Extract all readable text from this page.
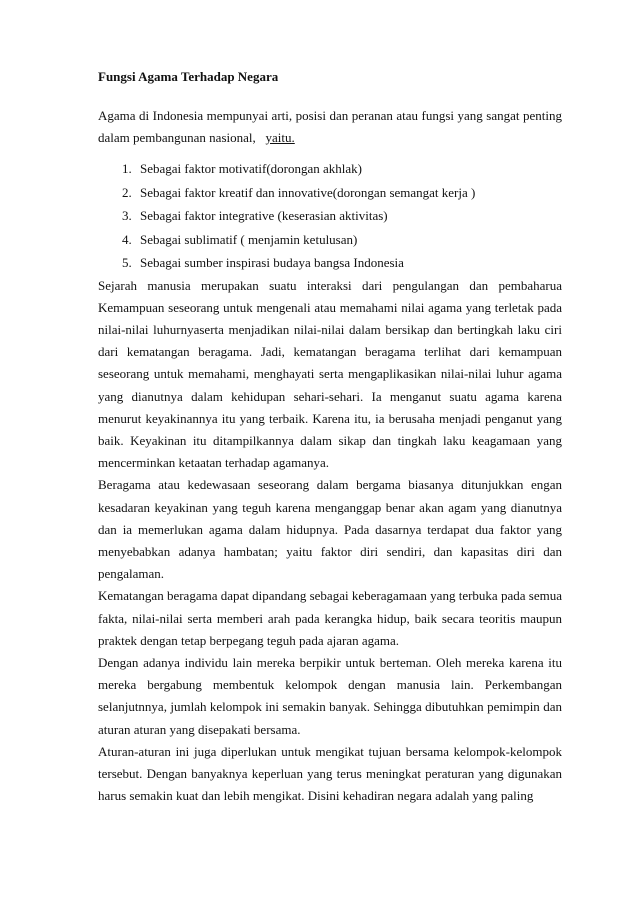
Fungsi Agama Terhadap Negara

Agama di Indonesia mempunyai arti, posisi dan peranan atau fungsi yang sangat penting dalam pembangunan nasional, yaitu.

1. Sebagai faktor motivatif(dorongan akhlak)
2. Sebagai faktor kreatif dan innovative(dorongan semangat kerja )
3. Sebagai faktor integrative (keserasian aktivitas)
4. Sebagai sublimatif ( menjamin ketulusan)
5. Sebagai sumber inspirasi budaya bangsa Indonesia

Sejarah manusia merupakan suatu interaksi dari pengulangan dan pembaharua Kemampuan seseorang untuk mengenali atau memahami nilai agama yang terletak pada nilai-nilai luhurnyaserta menjadikan nilai-nilai dalam bersikap dan bertingkah laku ciri dari kematangan beragama. Jadi, kematangan beragama terlihat dari kemampuan seseorang untuk memahami, menghayati serta mengaplikasikan nilai-nilai luhur agama yang dianutnya dalam kehidupan sehari-sehari. Ia menganut suatu agama karena menurut keyakinannya itu yang terbaik. Karena itu, ia berusaha menjadi penganut yang baik. Keyakinan itu ditampilkannya dalam sikap dan tingkah laku keagamaan yang mencerminkan ketaatan terhadap agamanya.

Beragama atau kedewasaan seseorang dalam bergama biasanya ditunjukkan engan kesadaran keyakinan yang teguh karena menganggap benar akan agam yang dianutnya dan ia memerlukan agama dalam hidupnya. Pada dasarnya terdapat dua faktor yang menyebabkan adanya hambatan; yaitu faktor diri sendiri, dan kapasitas diri dan pengalaman.

Kematangan beragama dapat dipandang sebagai keberagamaan yang terbuka pada semua fakta, nilai-nilai serta memberi arah pada kerangka hidup, baik secara teoritis maupun praktek dengan tetap berpegang teguh pada ajaran agama.

Dengan adanya individu lain mereka berpikir untuk berteman. Oleh mereka karena itu mereka bergabung membentuk kelompok dengan manusia lain. Perkembangan selanjutnnya, jumlah kelompok ini semakin banyak. Sehingga dibutuhkan pemimpin dan aturan aturan yang disepakati bersama.

Aturan-aturan ini juga diperlukan untuk mengikat tujuan bersama kelompok-kelompok tersebut. Dengan banyaknya keperluan yang terus meningkat peraturan yang digunakan harus semakin kuat dan lebih mengikat. Disini kehadiran negara adalah yang paling
